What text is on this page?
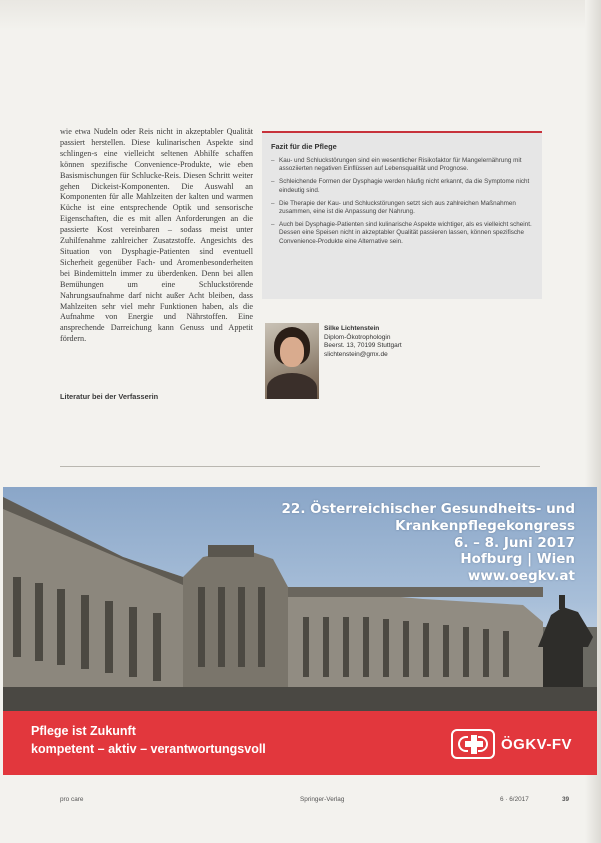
wie etwa Nudeln oder Reis nicht in akzeptabler Qualität passiert herstellen. Diese kulinarischen Aspekte sind schlingen-s eine vielleicht seltenen Abhilfe schaffen können spezifische Convenience-Produkte, wie eben Basismischungen für Schlucke-Reis. Diesen Schritt weiter gehen Dickeist-Komponenten. Die Auswahl an Komponenten für alle Mahlzeiten der kalten und warmen Küche ist eine entsprechende Optik und sensorische Eigenschaften, die es mit allen Anforderungen an die passierte Kost vereinbaren – sodass meist unter Zuhilfenahme zahlreicher Zusatzstoffe. Angesichts des Situation von Dysphagie-Patienten sind eventuell Sicherheit gegenüber Fach- und Aromenbesonderheiten bei Bindemitteln immer zu überdenken. Denn bei allen Bemühungen um eine Schluckstörende Nahrungsaufnahme darf nicht außer Acht bleiben, dass Mahlzeiten sehr viel mehr Funktionen haben, als die Aufnahme von Energie und Nährstoffen. Eine ansprechende Darreichung kann Genuss und Appetit fördern.
Literatur bei der Verfasserin
Fazit für die Pflege
– Kau- und Schluckstörungen sind ein wesentlicher Risikofaktor für Mangelernährung mit assoziierten negativen Einflüssen auf Lebensqualität und Prognose.
– Schleichende Formen der Dysphagie werden häufig nicht erkannt, da die Symptome nicht eindeutig sind.
– Die Therapie der Kau- und Schluckstörungen setzt sich aus zahlreichen Maßnahmen zusammen, eine ist die Anpassung der Nahrung.
– Auch bei Dysphagie-Patienten sind kulinarische Aspekte wichtiger, als es vielleicht scheint. Dessen eine Speisen nicht in akzeptabler Qualität passieren lassen, können spezifische Convenience-Produkte eine Alternative sein.
Silke Lichtenstein
Diplom-Ökotrophologin
Beerst. 13, 70199 Stuttgart
slichtenstein@gmx.de
22. Österreichischer Gesundheits- und
Krankenpflegekongress
6. – 8. Juni 2017
Hofburg | Wien
www.oegkv.at
Pflege ist Zukunft
kompetent – aktiv – verantwortungsvoll	ÖGKV-FV
pro care	Springer-Verlag	6 · 6/2017	39
